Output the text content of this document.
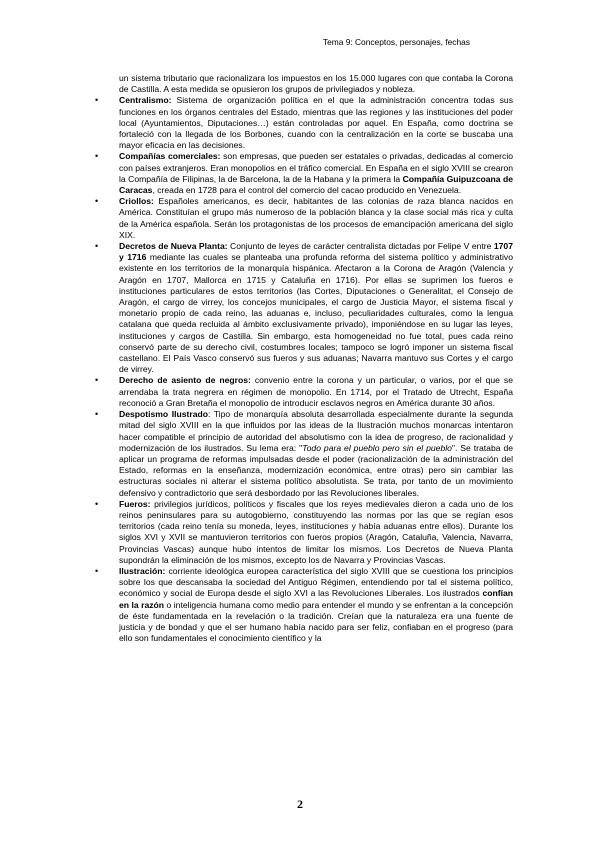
Tema 9: Conceptos, personajes, fechas

un sistema tributario que racionalizara los impuestos en los 15.000 lugares con que contaba la Corona de Castilla. A esta medida se opusieron los grupos de privilegiados y nobleza.

• Centralismo: Sistema de organización política en el que la administración concentra todas sus funciones en los órganos centrales del Estado, mientras que las regiones y las instituciones del poder local (Ayuntamientos, Diputaciones…) están controladas por aquel. En España, como doctrina se fortaleció con la llegada de los Borbones, cuando con la centralización en la corte se buscaba una mayor eficacia en las decisiones.
• Compañías comerciales: son empresas, que pueden ser estatales o privadas, dedicadas al comercio con países extranjeros. Eran monopolios en el tráfico comercial. En España en el siglo XVIII se crearon la Compañía de Filipinas, la de Barcelona, la de la Habana y la primera la Compañía Guipuzcoana de Caracas, creada en 1728 para el control del comercio del cacao producido en Venezuela.
• Criollos: Españoles americanos, es decir, habitantes de las colonias de raza blanca nacidos en América. Constituían el grupo más numeroso de la población blanca y la clase social más rica y culta de la América española. Serán los protagonistas de los procesos de emancipación americana del siglo XIX.
• Decretos de Nueva Planta: Conjunto de leyes de carácter centralista dictadas por Felipe V entre 1707 y 1716 mediante las cuales se planteaba una profunda reforma del sistema político y administrativo existente en los territorios de la monarquía hispánica. Afectaron a la Corona de Aragón (Valencia y Aragón en 1707, Mallorca en 1715 y Cataluña en 1716). Por ellas se suprimen los fueros e instituciones particulares de estos territorios (las Cortes, Diputaciones o Generalitat, el Consejo de Aragón, el cargo de virrey, los concejos municipales, el cargo de Justicia Mayor, el sistema fiscal y monetario propio de cada reino, las aduanas e, incluso, peculiaridades culturales, como la lengua catalana que queda recluida al ámbito exclusivamente privado), imponiéndose en su lugar las leyes, instituciones y cargos de Castilla. Sin embargo, esta homogeneidad no fue total, pues cada reino conservó parte de su derecho civil, costumbres locales; tampoco se logró imponer un sistema fiscal castellano. El País Vasco conservó sus fueros y sus aduanas; Navarra mantuvo sus Cortes y el cargo de virrey.
• Derecho de asiento de negros: convenio entre la corona y un particular, o varios, por el que se arrendaba la trata negrera en régimen de monopolio. En 1714, por el Tratado de Utrecht, España reconoció a Gran Bretaña el monopolio de introducir esclavos negros en América durante 30 años.
• Despotismo Ilustrado: Tipo de monarquía absoluta desarrollada especialmente durante la segunda mitad del siglo XVIII en la que influidos por las ideas de la Ilustración muchos monarcas intentaron hacer compatible el principio de autoridad del absolutismo con la idea de progreso, de racionalidad y modernización de los ilustrados. Su lema era: "Todo para el pueblo pero sin el pueblo". Se trataba de aplicar un programa de reformas impulsadas desde el poder (racionalización de la administración del Estado, reformas en la enseñanza, modernización económica, entre otras) pero sin cambiar las estructuras sociales ni alterar el sistema político absolutista. Se trata, por tanto de un movimiento defensivo y contradictorio que será desbordado por las Revoluciones liberales.
• Fueros: privilegios jurídicos, políticos y fiscales que los reyes medievales dieron a cada uno de los reinos peninsulares para su autogobierno, constituyendo las normas por las que se regían esos territorios (cada reino tenía su moneda, leyes, instituciones y había aduanas entre ellos). Durante los siglos XVI y XVII se mantuvieron territorios con fueros propios (Aragón, Cataluña, Valencia, Navarra, Provincias Vascas) aunque hubo intentos de limitar los mismos. Los Decretos de Nueva Planta supondrán la eliminación de los mismos, excepto los de Navarra y Provincias Vascas.
• Ilustración: corriente ideológica europea característica del siglo XVIII que se cuestiona los principios sobre los que descansaba la sociedad del Antiguo Régimen, entendiendo por tal el sistema político, económico y social de Europa desde el siglo XVI a las Revoluciones Liberales. Los ilustrados confían en la razón o inteligencia humana como medio para entender el mundo y se enfrentan a la concepción de éste fundamentada en la revelación o la tradición. Creían que la naturaleza era una fuente de justicia y de bondad y que el ser humano había nacido para ser feliz, confiaban en el progreso (para ello son fundamentales el conocimiento científico y la
2
